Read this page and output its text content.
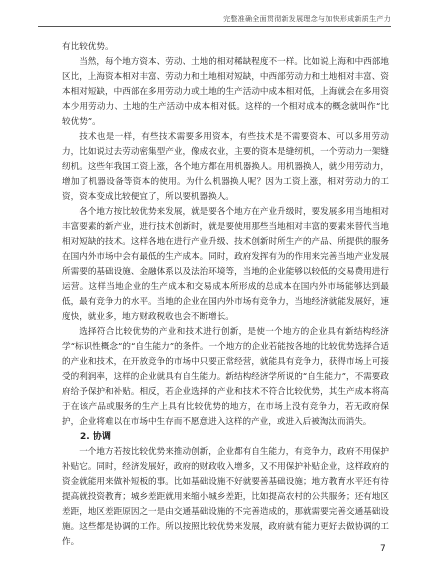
完整准确全面贯彻新发展理念与加快形成新质生产力

有比较优势。

当然，每个地方资本、劳动、土地的相对稀缺程度不一样。比如说上海和中西部地区比，上海资本相对丰富、劳动力和土地相对短缺，中西部劳动力和土地相对丰富、资本相对短缺，中西部在多用劳动力或土地的生产活动中成本相对低，上海就会在多用资本少用劳动力、土地的生产活动中成本相对低。这样的一个相对成本的概念就叫作“比较优势”。

技术也是一样，有些技术需要多用资本，有些技术是不需要资本、可以多用劳动力，比如说过去劳动密集型产业，像成衣业，主要的资本是缝纫机，一个劳动力一架缝纫机。这些年我国工资上涨，各个地方都在用机器换人。用机器换人，就少用劳动力，增加了机器设备等资本的使用。为什么机器换人呢？因为工资上涨，相对劳动力的工资，资本变成比较便宜了，所以要机器换人。

各个地方按比较优势来发展，就是要各个地方在产业升级时，要发展多用当地相对丰富要素的新产业，进行技术创新时，就是要使用那些当地相对丰富的要素来替代当地相对短缺的技术。这样各地在进行产业升级、技术创新时所生产的产品、所提供的服务在国内外市场中会有最低的生产成本。同时，政府发挥有为的作用来完善当地产业发展所需要的基础设施、金融体系以及法治环境等，当地的企业能够以较低的交易费用进行运营。这样当地企业的生产成本和交易成本所形成的总成本在国内外市场能够达到最低，最有竞争力的水平。当地的企业在国内外市场有竞争力，当地经济就能发展好，速度快，就业多，地方财政税收也会不断增长。

选择符合比较优势的产业和技术进行创新，是使一个地方的企业具有新结构经济学“标识性概念”的“自生能力”的条件。一个地方的企业若能按各地的比较优势选择合适的产业和技术，在开放竞争的市场中只要正常经营，就能具有竞争力，获得市场上可接受的利润率，这样的企业就具有自生能力。新结构经济学所说的“自生能力”，不需要政府给予保护和补贴。相反，若企业选择的产业和技术不符合比较优势，其生产成本将高于在该产品或服务的生产上具有比较优势的地方，在市场上没有竞争力，若无政府保护，企业将难以在市场中生存而不愿意进入这样的产业，或进入后被淘汰而消失。

2. 协调

一个地方若按比较优势来推动创新，企业都有自生能力，有竞争力，政府不用保护补贴它。同时，经济发展好，政府的财政收入增多，又不用保护补贴企业，这样政府的资金就能用来做补短板的事。比如基础设施不好就要善基础设施；地方教育水平还有待提高就投资教育；城乡差距就用来缩小城乡差距，比如提高农村的公共服务；还有地区差距，地区差距原因之一是由交通基础设施的不完善造成的，那就需要完善交通基础设施。这些都是协调的工作。所以按照比较优势来发展，政府就有能力更好去做协调的工作。

7
